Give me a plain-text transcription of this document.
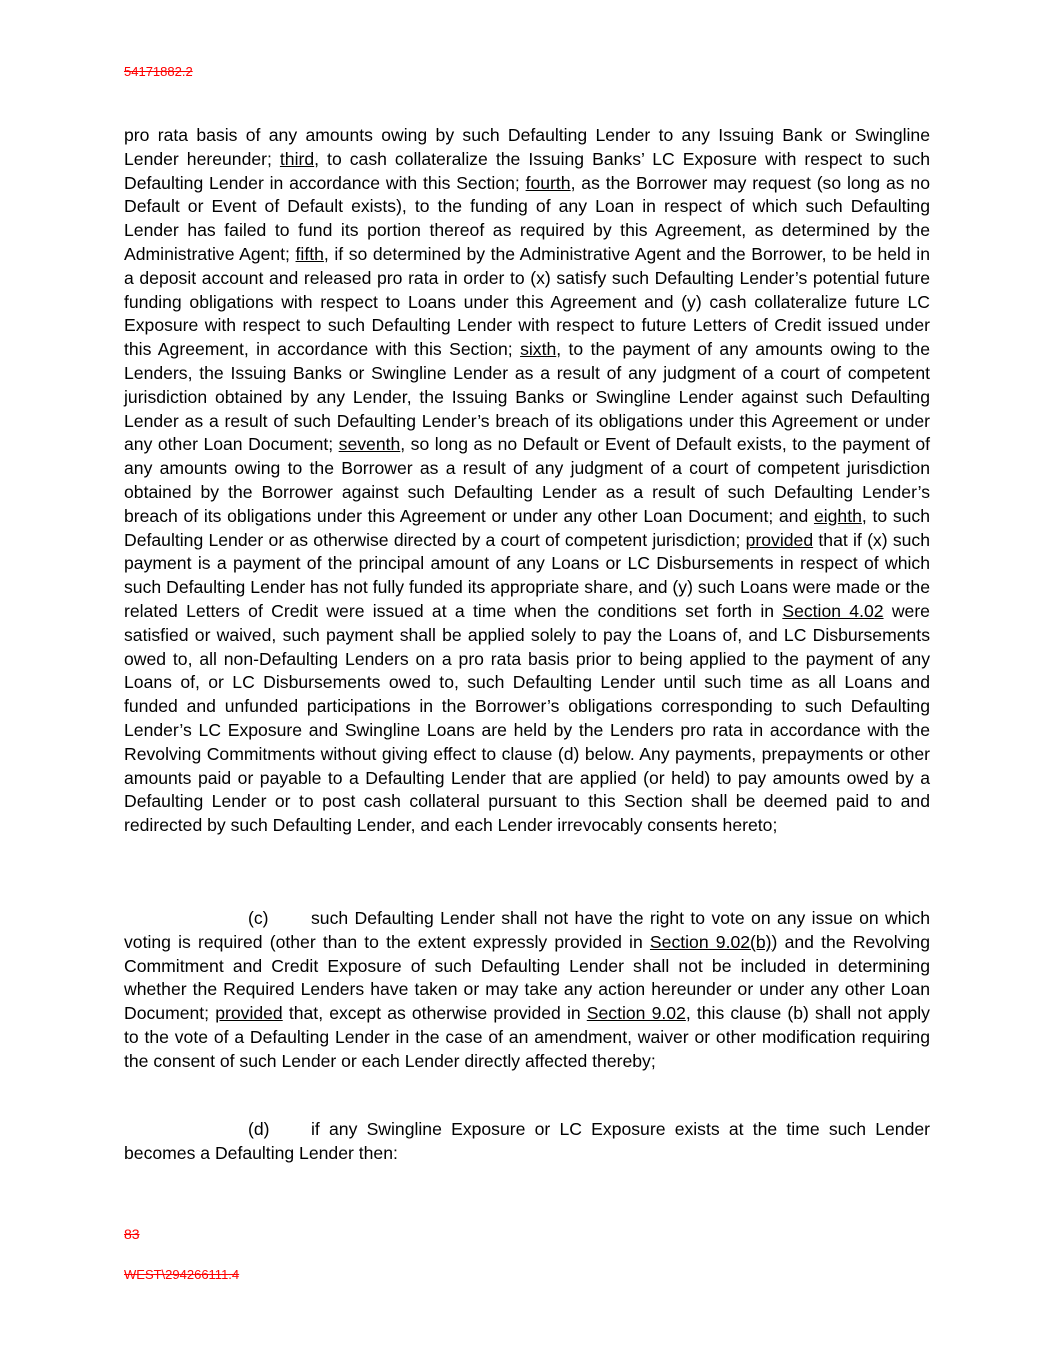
54171882.2
pro rata basis of any amounts owing by such Defaulting Lender to any Issuing Bank or Swingline Lender hereunder; third, to cash collateralize the Issuing Banks’ LC Exposure with respect to such Defaulting Lender in accordance with this Section; fourth, as the Borrower may request (so long as no Default or Event of Default exists), to the funding of any Loan in respect of which such Defaulting Lender has failed to fund its portion thereof as required by this Agreement, as determined by the Administrative Agent; fifth, if so determined by the Administrative Agent and the Borrower, to be held in a deposit account and released pro rata in order to (x) satisfy such Defaulting Lender’s potential future funding obligations with respect to Loans under this Agreement and (y) cash collateralize future LC Exposure with respect to such Defaulting Lender with respect to future Letters of Credit issued under this Agreement, in accordance with this Section; sixth, to the payment of any amounts owing to the Lenders, the Issuing Banks or Swingline Lender as a result of any judgment of a court of competent jurisdiction obtained by any Lender, the Issuing Banks or Swingline Lender against such Defaulting Lender as a result of such Defaulting Lender’s breach of its obligations under this Agreement or under any other Loan Document; seventh, so long as no Default or Event of Default exists, to the payment of any amounts owing to the Borrower as a result of any judgment of a court of competent jurisdiction obtained by the Borrower against such Defaulting Lender as a result of such Defaulting Lender’s breach of its obligations under this Agreement or under any other Loan Document; and eighth, to such Defaulting Lender or as otherwise directed by a court of competent jurisdiction; provided that if (x) such payment is a payment of the principal amount of any Loans or LC Disbursements in respect of which such Defaulting Lender has not fully funded its appropriate share, and (y) such Loans were made or the related Letters of Credit were issued at a time when the conditions set forth in Section 4.02 were satisfied or waived, such payment shall be applied solely to pay the Loans of, and LC Disbursements owed to, all non-Defaulting Lenders on a pro rata basis prior to being applied to the payment of any Loans of, or LC Disbursements owed to, such Defaulting Lender until such time as all Loans and funded and unfunded participations in the Borrower’s obligations corresponding to such Defaulting Lender’s LC Exposure and Swingline Loans are held by the Lenders pro rata in accordance with the Revolving Commitments without giving effect to clause (d) below. Any payments, prepayments or other amounts paid or payable to a Defaulting Lender that are applied (or held) to pay amounts owed by a Defaulting Lender or to post cash collateral pursuant to this Section shall be deemed paid to and redirected by such Defaulting Lender, and each Lender irrevocably consents hereto;
(c) such Defaulting Lender shall not have the right to vote on any issue on which voting is required (other than to the extent expressly provided in Section 9.02(b)) and the Revolving Commitment and Credit Exposure of such Defaulting Lender shall not be included in determining whether the Required Lenders have taken or may take any action hereunder or under any other Loan Document; provided that, except as otherwise provided in Section 9.02, this clause (b) shall not apply to the vote of a Defaulting Lender in the case of an amendment, waiver or other modification requiring the consent of such Lender or each Lender directly affected thereby;
(d) if any Swingline Exposure or LC Exposure exists at the time such Lender becomes a Defaulting Lender then:
83
WEST\294266111.4
